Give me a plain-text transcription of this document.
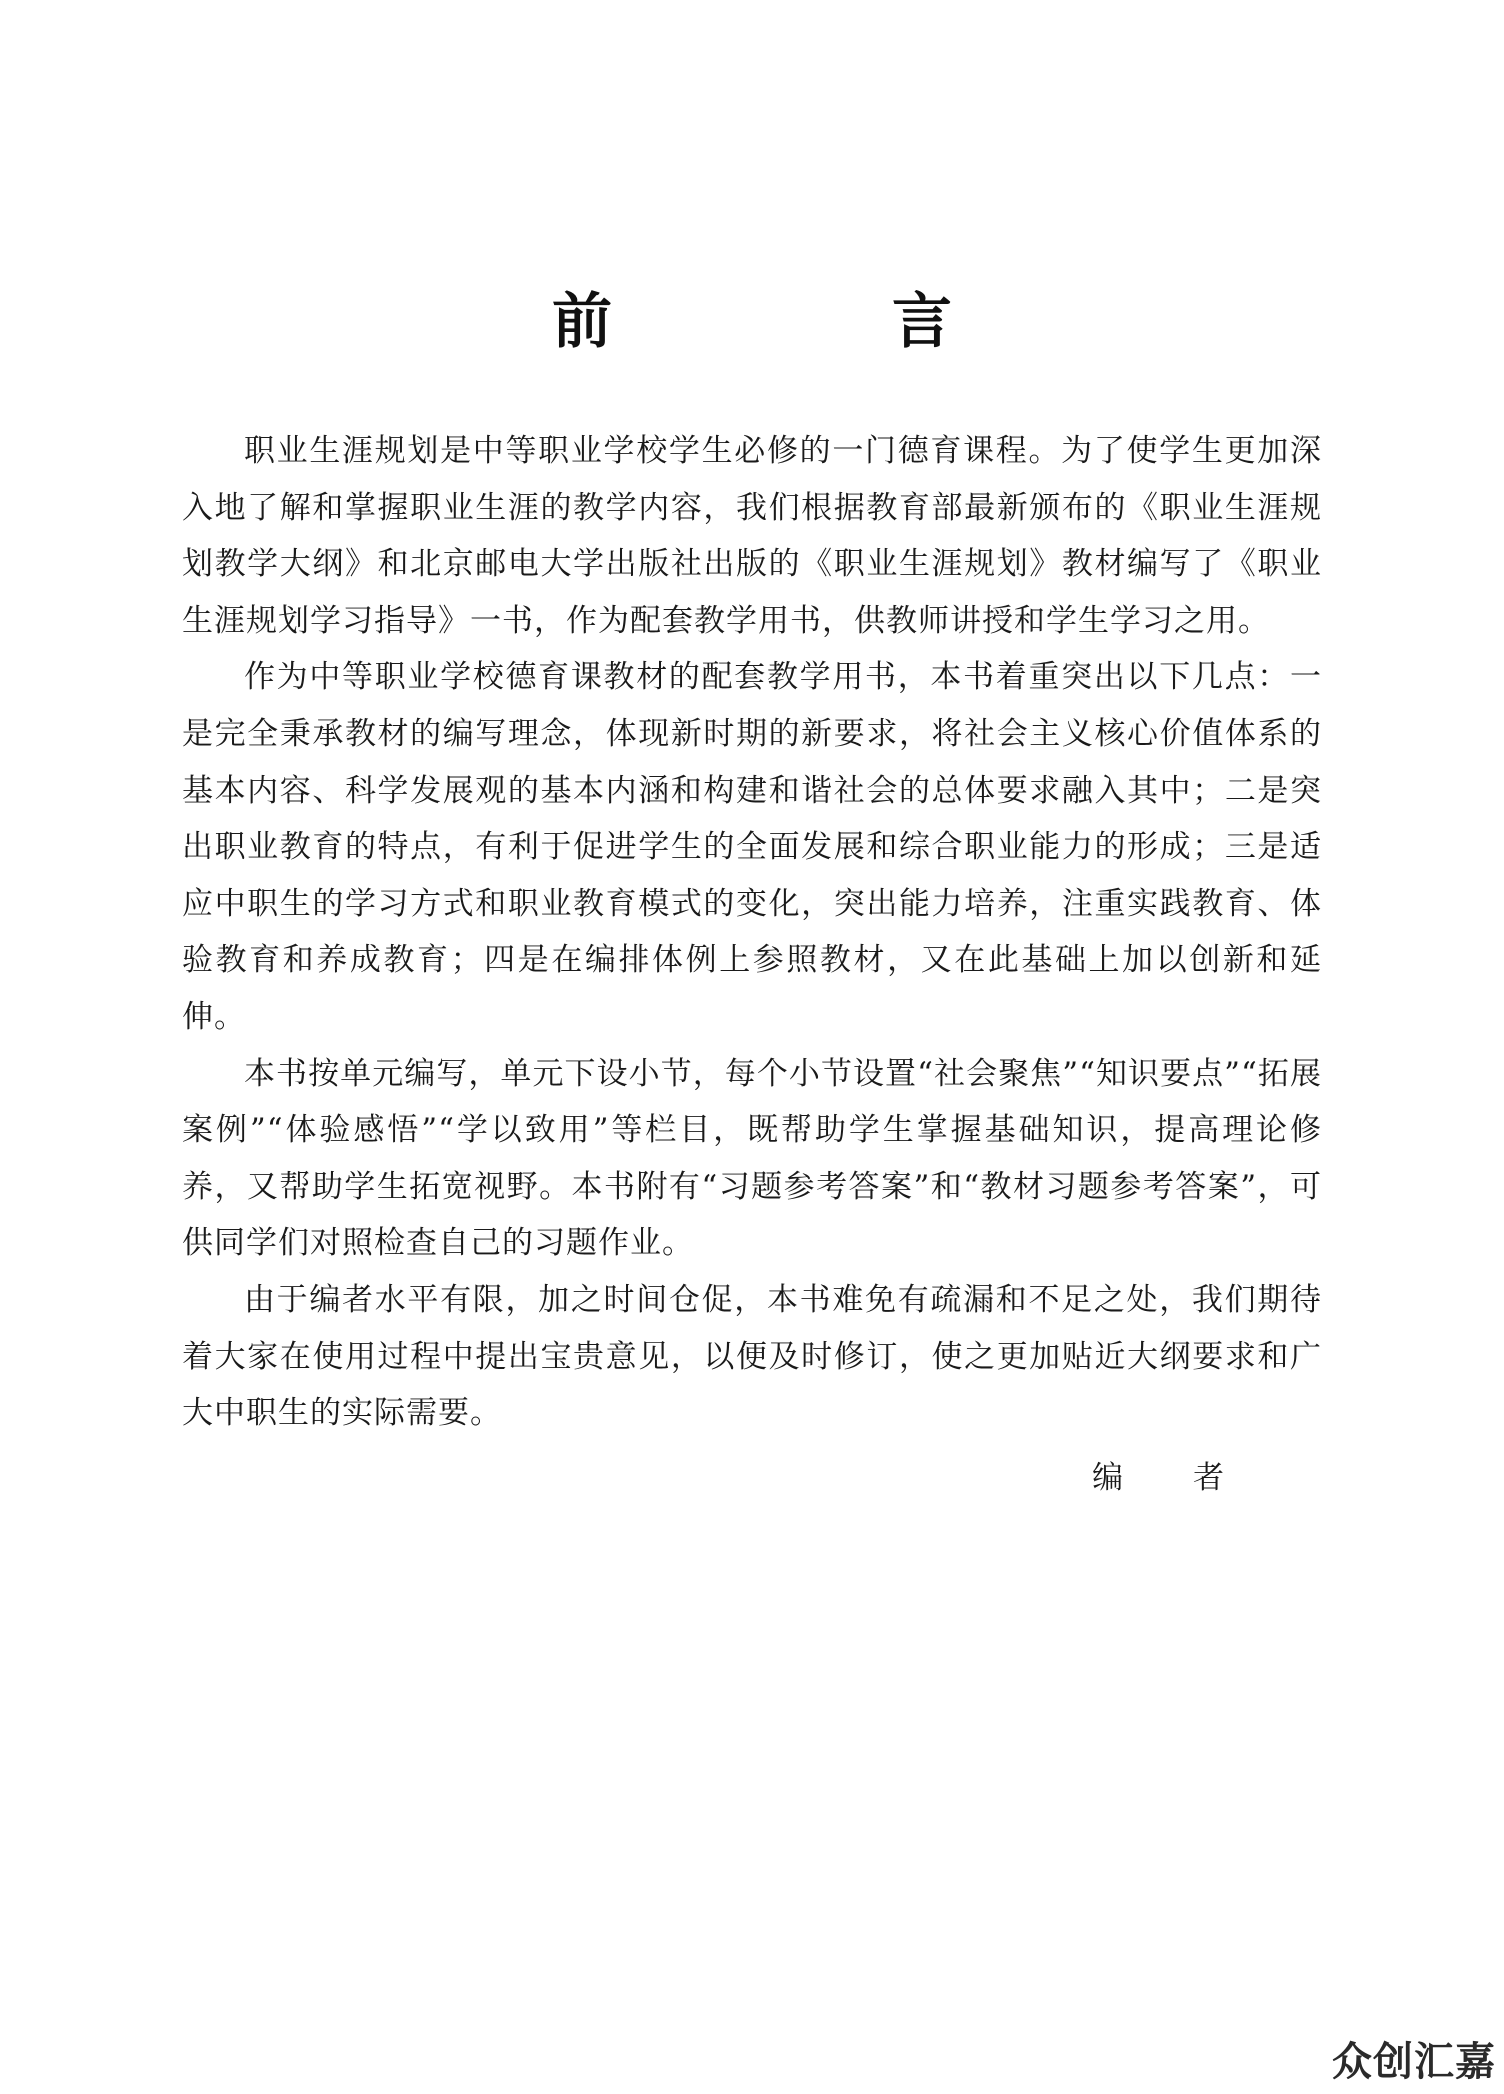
前　言

职业生涯规划是中等职业学校学生必修的一门德育课程。为了使学生更加深入地了解和掌握职业生涯的教学内容，我们根据教育部最新颁布的《职业生涯规划教学大纲》和北京邮电大学出版社出版的《职业生涯规划》教材编写了《职业生涯规划学习指导》一书，作为配套教学用书，供教师讲授和学生学习之用。

作为中等职业学校德育课教材的配套教学用书，本书着重突出以下几点：一是完全秉承教材的编写理念，体现新时期的新要求，将社会主义核心价值体系的基本内容、科学发展观的基本内涵和构建和谐社会的总体要求融入其中；二是突出职业教育的特点，有利于促进学生的全面发展和综合职业能力的形成；三是适应中职生的学习方式和职业教育模式的变化，突出能力培养，注重实践教育、体验教育和养成教育；四是在编排体例上参照教材，又在此基础上加以创新和延伸。

本书按单元编写，单元下设小节，每个小节设置“社会聚焦”“知识要点”“拓展案例”“体验感悟”“学以致用”等栏目，既帮助学生掌握基础知识，提高理论修养，又帮助学生拓宽视野。本书附有“习题参考答案”和“教材习题参考答案”，可供同学们对照检查自己的习题作业。

由于编者水平有限，加之时间仓促，本书难免有疏漏和不足之处，我们期待着大家在使用过程中提出宝贵意见，以便及时修订，使之更加贴近大纲要求和广大中职生的实际需要。

编 者
众创汇嘉
